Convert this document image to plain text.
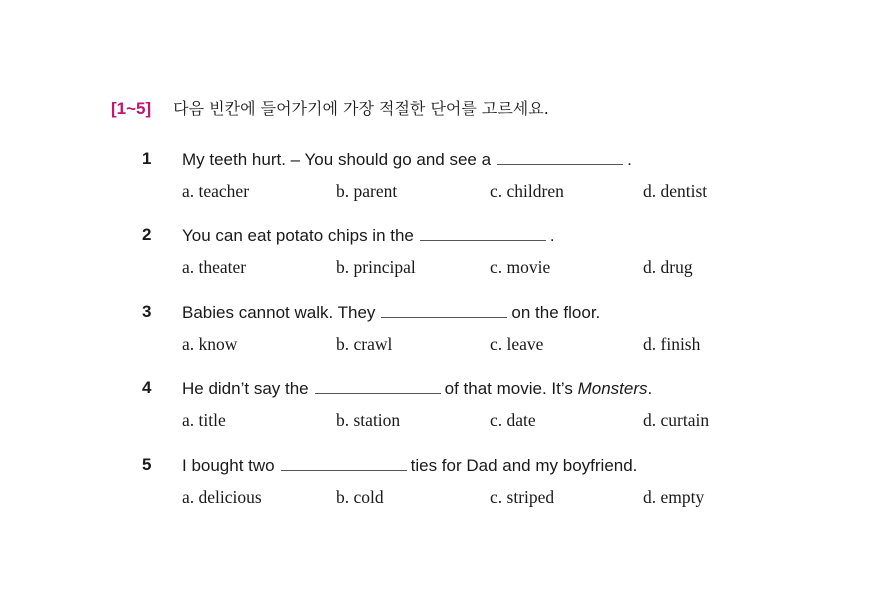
[1~5] 다음 빈칸에 들어가기에 가장 적절한 단어를 고르세요.
1 My teeth hurt. – You should go and see a	.
a. teacher	b. parent	c. children	d. dentist
2 You can eat potato chips in the	.
a. theater	b. principal	c. movie	d. drug
3 Babies cannot walk. They	on the floor.
a. know	b. crawl	c. leave	d. finish
4 He didn’t say the	of that movie. It’s Monsters.
a. title	b. station	c. date	d. curtain
5 I bought two	ties for Dad and my boyfriend.
a. delicious	b. cold	c. striped	d. empty
